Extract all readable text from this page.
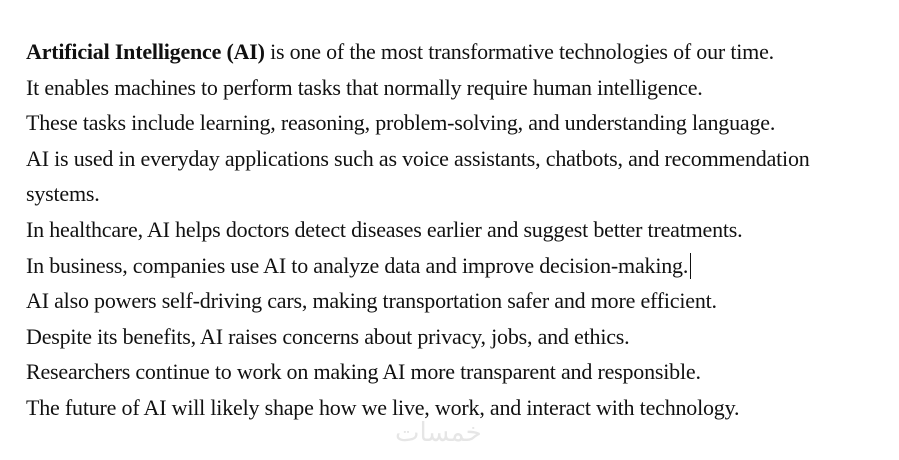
Artificial Intelligence (AI) is one of the most transformative technologies of our time.

It enables machines to perform tasks that normally require human intelligence.

These tasks include learning, reasoning, problem-solving, and understanding language.

AI is used in everyday applications such as voice assistants, chatbots, and recommendation systems.

In healthcare, AI helps doctors detect diseases earlier and suggest better treatments.

In business, companies use AI to analyze data and improve decision-making.

AI also powers self-driving cars, making transportation safer and more efficient.

Despite its benefits, AI raises concerns about privacy, jobs, and ethics.

Researchers continue to work on making AI more transparent and responsible.

The future of AI will likely shape how we live, work, and interact with technology.

خمسات
